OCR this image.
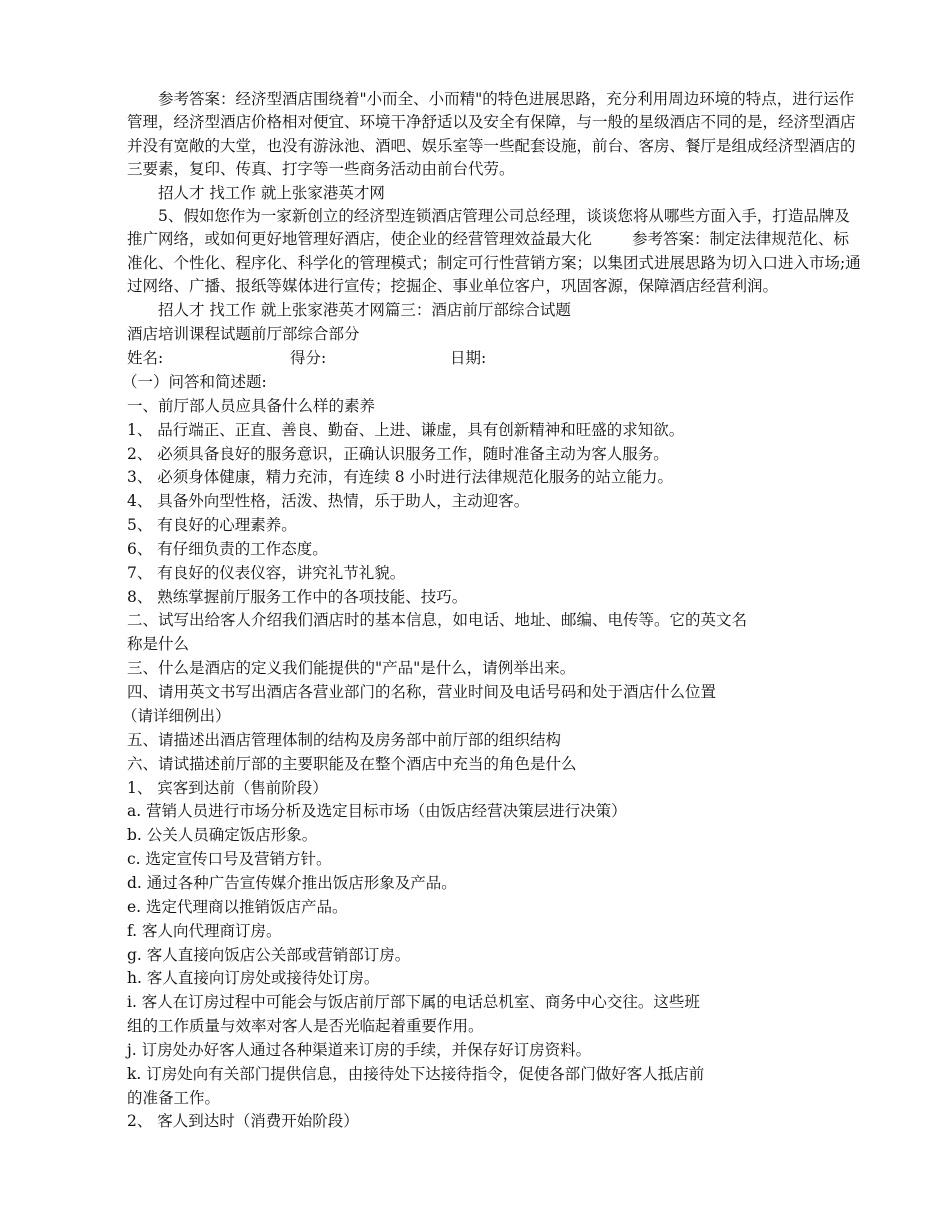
参考答案：经济型酒店围绕着"小而全、小而精"的特色进展思路，充分利用周边环境的特点，进行运作管理，经济型酒店价格相对便宜、环境干净舒适以及安全有保障，与一般的星级酒店不同的是，经济型酒店并没有宽敞的大堂，也没有游泳池、酒吧、娱乐室等一些配套设施，前台、客房、餐厅是组成经济型酒店的三要素，复印、传真、打字等一些商务活动由前台代劳。

招人才 找工作 就上张家港英才网

5、假如您作为一家新创立的经济型连锁酒店管理公司总经理，谈谈您将从哪些方面入手，打造品牌及推广网络，或如何更好地管理好酒店，使企业的经营管理效益最大化	参考答案：制定法律规范化、标准化、个性化、程序化、科学化的管理模式；制定可行性营销方案；以集团式进展思路为切入口进入市场;通过网络、广播、报纸等媒体进行宣传；挖掘企、事业单位客户，巩固客源，保障酒店经营利润。

招人才 找工作 就上张家港英才网篇三：酒店前厅部综合试题

酒店培训课程试题前厅部综合部分
姓名:	得分:	日期:
（一）问答和简述题:
一、前厅部人员应具备什么样的素养
1、 品行端正、正直、善良、勤奋、上进、谦虚，具有创新精神和旺盛的求知欲。
2、 必须具备良好的服务意识，正确认识服务工作，随时准备主动为客人服务。
3、 必须身体健康，精力充沛，有连续 8 小时进行法律规范化服务的站立能力。
4、 具备外向型性格，活泼、热情，乐于助人，主动迎客。
5、 有良好的心理素养。
6、 有仔细负责的工作态度。
7、 有良好的仪表仪容，讲究礼节礼貌。
8、 熟练掌握前厅服务工作中的各项技能、技巧。
二、试写出给客人介绍我们酒店时的基本信息，如电话、地址、邮编、电传等。它的英文名
称是什么
三、什么是酒店的定义我们能提供的"产品"是什么，请例举出来。
四、请用英文书写出酒店各营业部门的名称，营业时间及电话号码和处于酒店什么位置
（请详细例出）
五、请描述出酒店管理体制的结构及房务部中前厅部的组织结构
六、请试描述前厅部的主要职能及在整个酒店中充当的角色是什么
1、 宾客到达前（售前阶段）
a. 营销人员进行市场分析及选定目标市场（由饭店经营决策层进行决策）
b. 公关人员确定饭店形象。
c. 选定宣传口号及营销方针。
d. 通过各种广告宣传媒介推出饭店形象及产品。
e. 选定代理商以推销饭店产品。
f. 客人向代理商订房。
g. 客人直接向饭店公关部或营销部订房。
h. 客人直接向订房处或接待处订房。
i. 客人在订房过程中可能会与饭店前厅部下属的电话总机室、商务中心交往。这些班
组的工作质量与效率对客人是否光临起着重要作用。
j. 订房处办好客人通过各种渠道来订房的手续，并保存好订房资料。
k. 订房处向有关部门提供信息，由接待处下达接待指令，促使各部门做好客人抵店前
的准备工作。
2、 客人到达时（消费开始阶段）
